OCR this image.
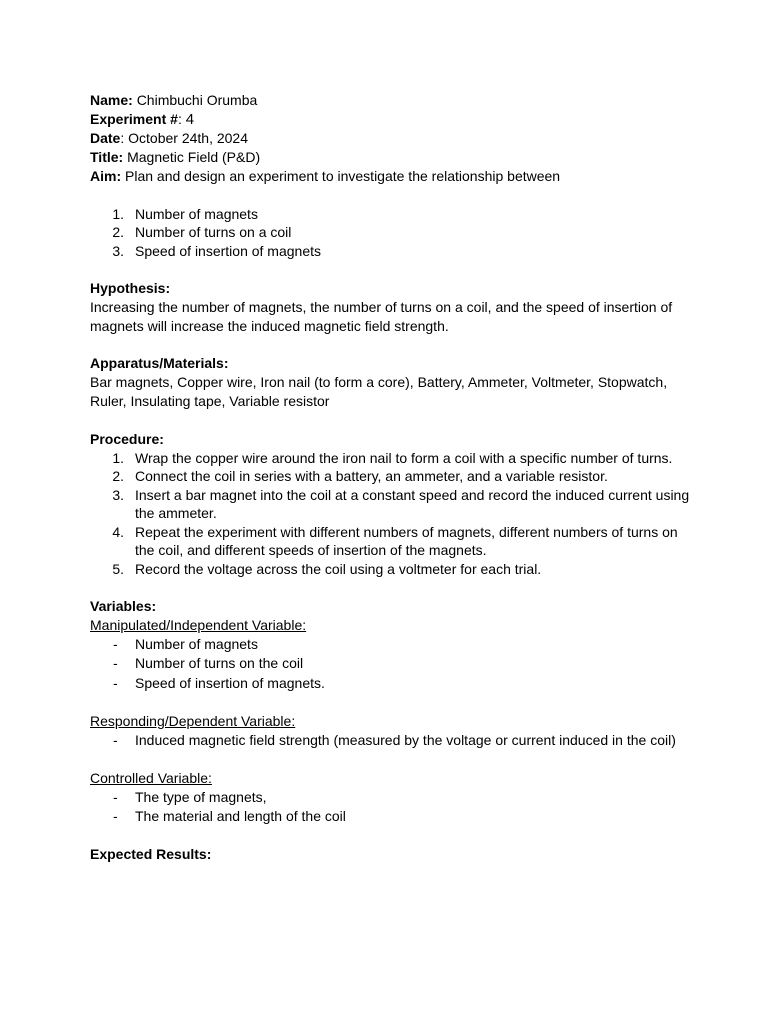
Name: Chimbuchi Orumba
Experiment #: 4
Date: October 24th, 2024
Title: Magnetic Field (P&D)
Aim: Plan and design an experiment to investigate the relationship between
1. Number of magnets
2. Number of turns on a coil
3. Speed of insertion of magnets
Hypothesis:
Increasing the number of magnets, the number of turns on a coil, and the speed of insertion of magnets will increase the induced magnetic field strength.
Apparatus/Materials:
Bar magnets, Copper wire, Iron nail (to form a core), Battery, Ammeter, Voltmeter, Stopwatch, Ruler, Insulating tape, Variable resistor
Procedure:
1. Wrap the copper wire around the iron nail to form a coil with a specific number of turns.
2. Connect the coil in series with a battery, an ammeter, and a variable resistor.
3. Insert a bar magnet into the coil at a constant speed and record the induced current using the ammeter.
4. Repeat the experiment with different numbers of magnets, different numbers of turns on the coil, and different speeds of insertion of the magnets.
5. Record the voltage across the coil using a voltmeter for each trial.
Variables:
Manipulated/Independent Variable:
- Number of magnets
- Number of turns on the coil
- Speed of insertion of magnets.
Responding/Dependent Variable:
- Induced magnetic field strength (measured by the voltage or current induced in the coil)
Controlled Variable:
- The type of magnets,
- The material and length of the coil
Expected Results:
